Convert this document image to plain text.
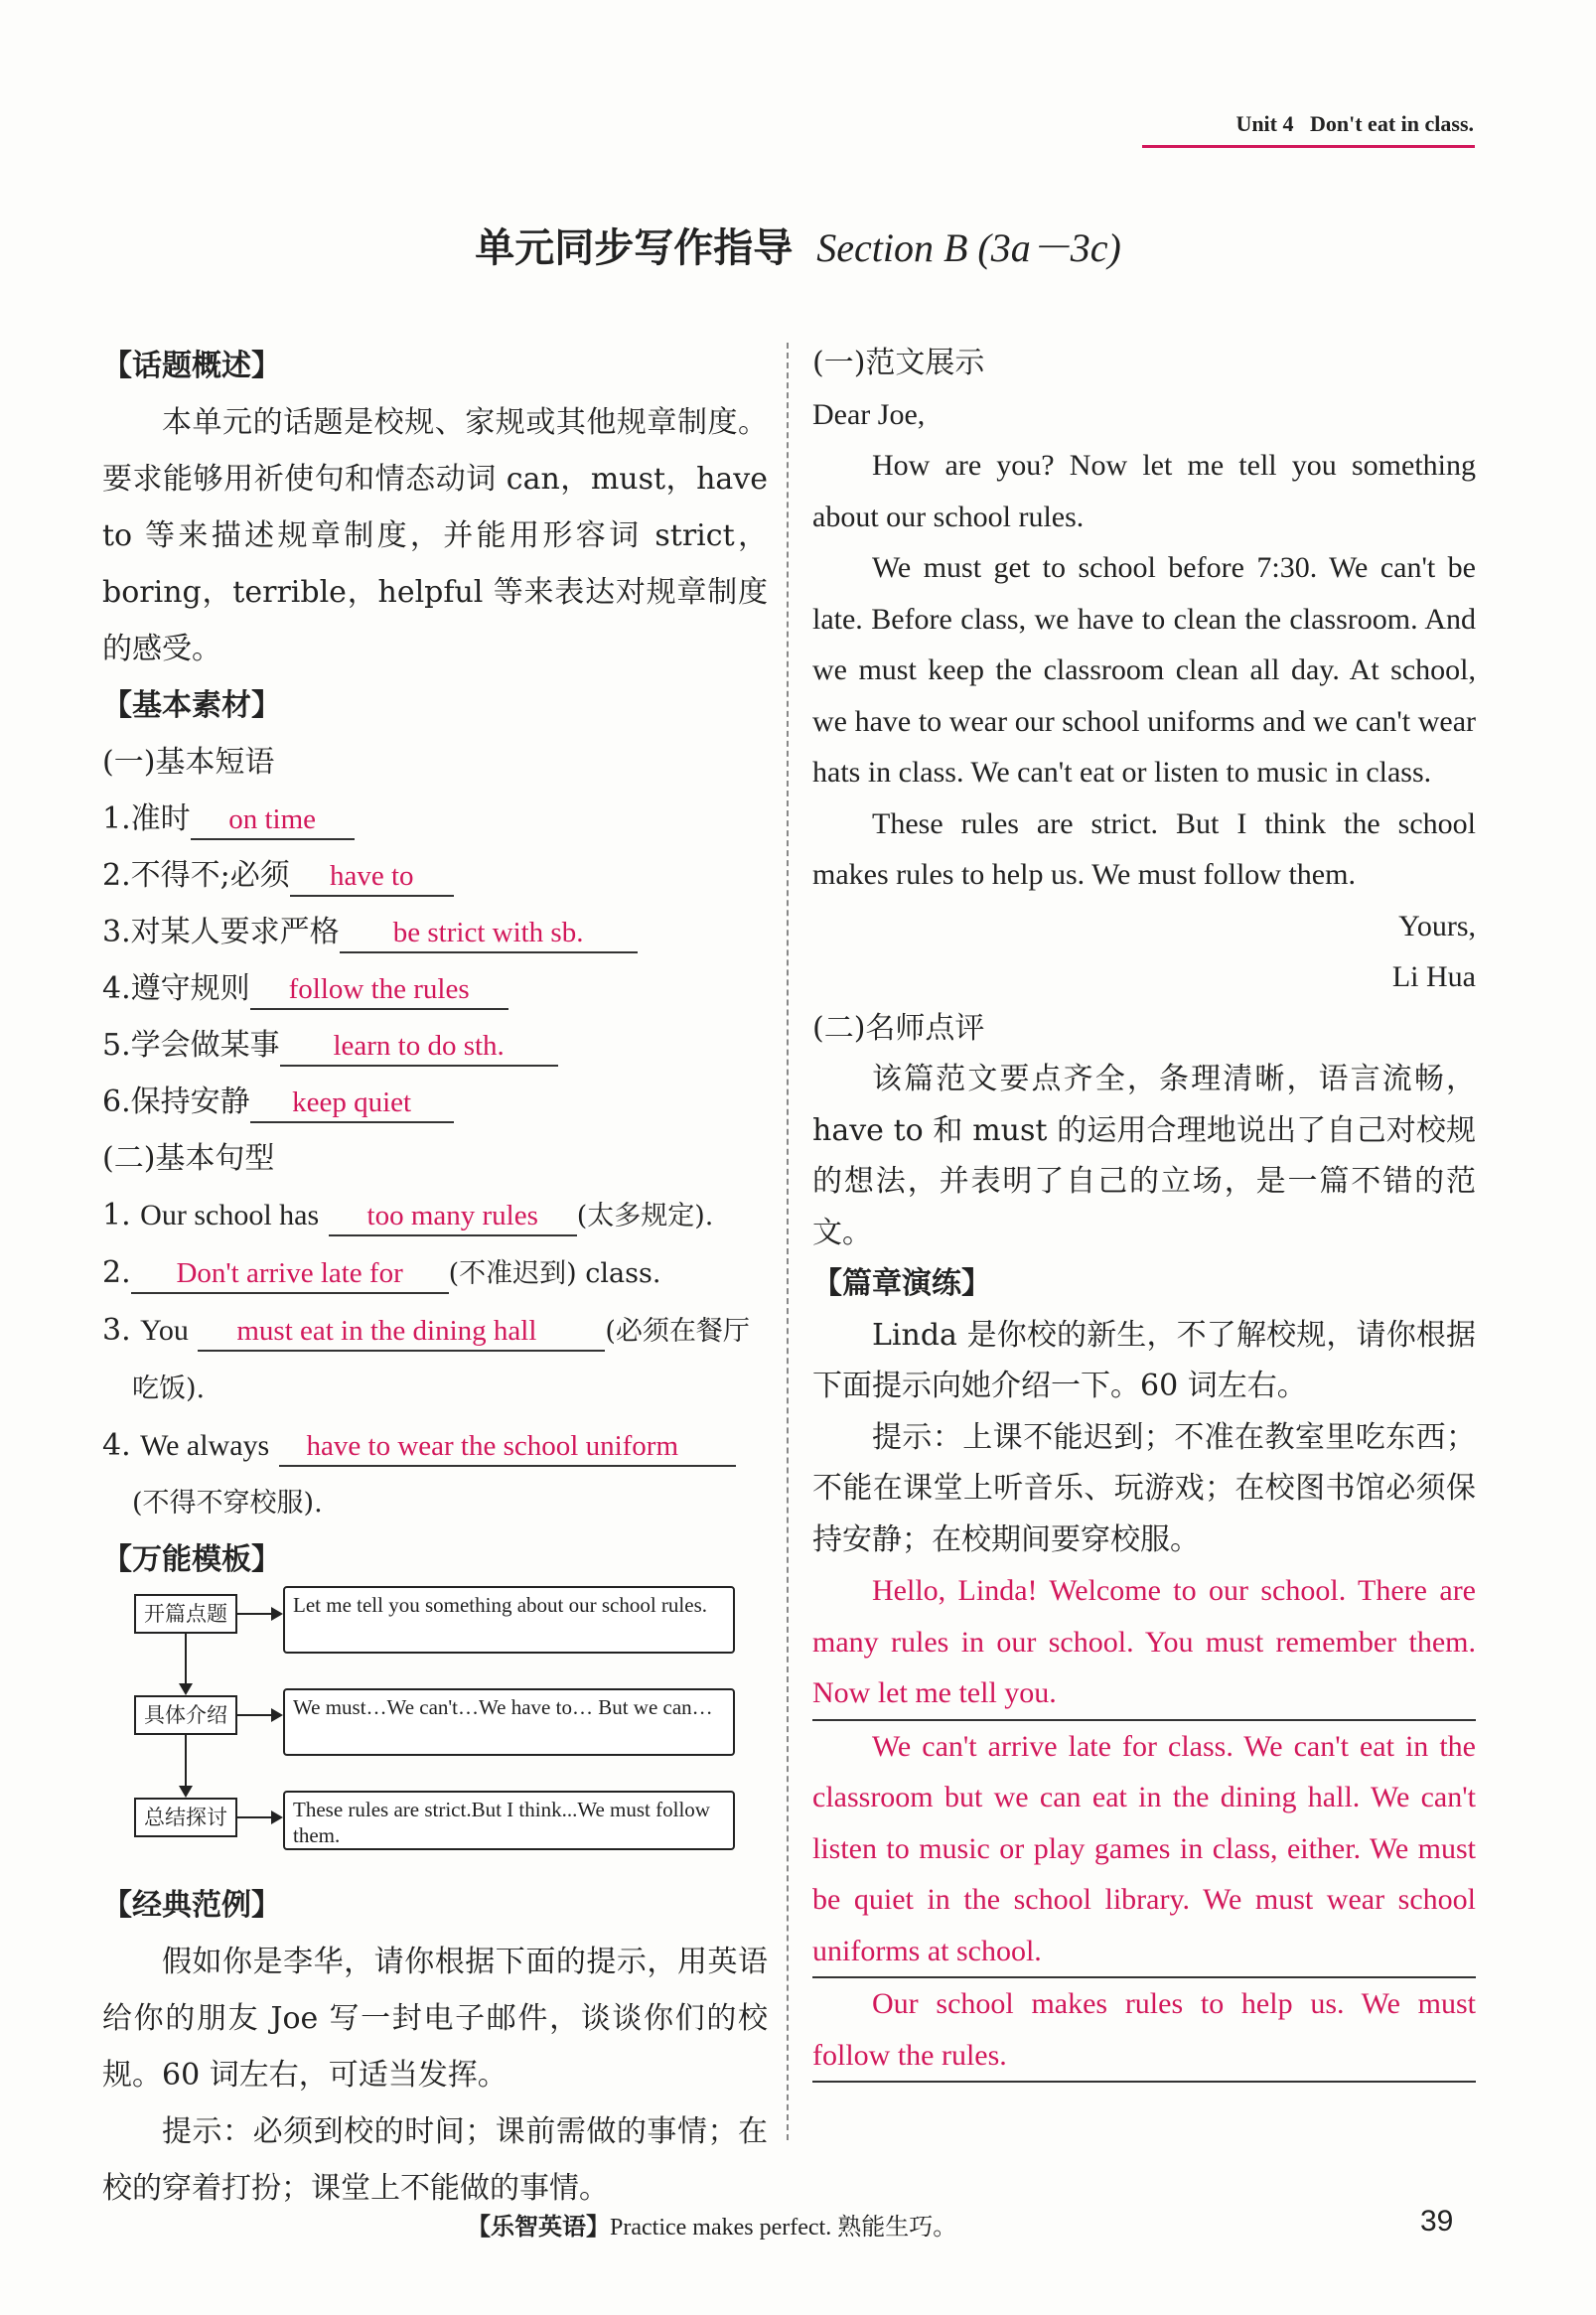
Unit 4 Don't eat in class.
单元同步写作指导 Section B (3a－3c)

【话题概述】

本单元的话题是校规、家规或其他规章制度。要求能够用祈使句和情态动词 can，must，have to 等来描述规章制度，并能用形容词 strict，boring，terrible，helpful 等来表达对规章制度的感受。

【基本素材】

(一)基本短语

1.准时 on time

2.不得不;必须 have to

3.对某人要求严格 be strict with sb.

4.遵守规则 follow the rules

5.学会做某事 learn to do sth.

6.保持安静 keep quiet

(二)基本句型

1. Our school has too many rules (太多规定).

2. Don't arrive late for (不准迟到) class.

3. You must eat in the dining hall	(必须在餐厅吃饭).

4. We always have to wear the school uniform(不得不穿校服).

【万能模板】

开篇点题
具体介绍
总结探讨
Let me tell you something about our school rules.
We must…We can't…We have to… But we can…
These rules are strict.But I think...We must follow them.

【经典范例】

假如你是李华，请你根据下面的提示，用英语给你的朋友 Joe 写一封电子邮件，谈谈你们的校规。60 词左右，可适当发挥。

提示：必须到校的时间；课前需做的事情；在校的穿着打扮；课堂上不能做的事情。

(一)范文展示

Dear Joe,

How are you? Now let me tell you something about our school rules.

We must get to school before 7:30. We can't be late. Before class, we have to clean the classroom. And we must keep the classroom clean all day. At school, we have to wear our school uniforms and we can't wear hats in class. We can't eat or listen to music in class.

These rules are strict. But I think the school makes rules to help us. We must follow them.

Yours,

Li Hua

(二)名师点评

该篇范文要点齐全，条理清晰，语言流畅，have to 和 must 的运用合理地说出了自己对校规的想法，并表明了自己的立场，是一篇不错的范文。

【篇章演练】

Linda 是你校的新生，不了解校规，请你根据下面提示向她介绍一下。60 词左右。

提示：上课不能迟到；不准在教室里吃东西；不能在课堂上听音乐、玩游戏；在校图书馆必须保持安静；在校期间要穿校服。

Hello, Linda! Welcome to our school. There are many rules in our school. You must remember them. Now let me tell you.

We can't arrive late for class. We can't eat in the classroom but we can eat in the dining hall. We can't listen to music or play games in class, either. We must be quiet in the school library. We must wear school uniforms at school.

Our school makes rules to help us. We must follow the rules.

【乐智英语】Practice makes perfect. 熟能生巧。	39
